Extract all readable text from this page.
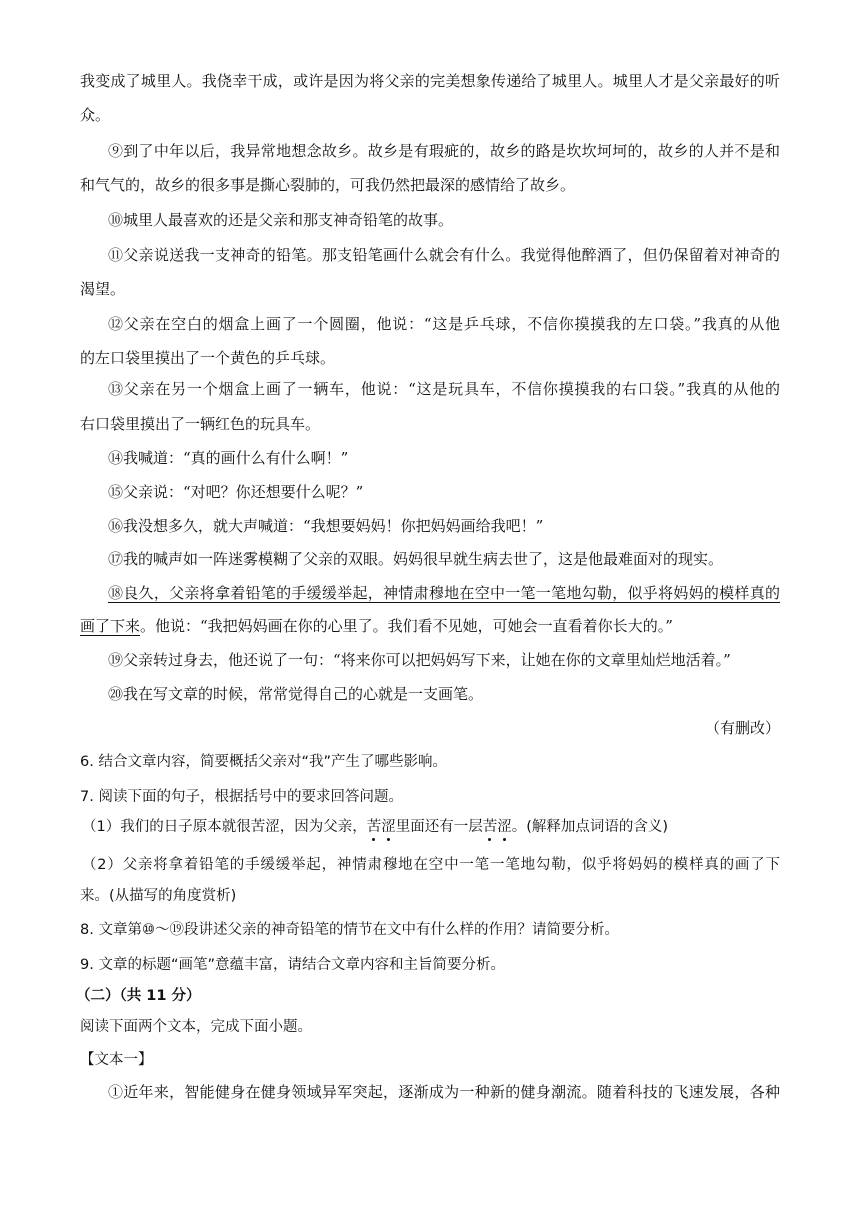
我变成了城里人。我侥幸干成，或许是因为将父亲的完美想象传递给了城里人。城里人才是父亲最好的听
众。
⑨到了中年以后，我异常地想念故乡。故乡是有瑕疵的，故乡的路是坎坎坷坷的，故乡的人并不是和
和气气的，故乡的很多事是撕心裂肺的，可我仍然把最深的感情给了故乡。
⑩城里人最喜欢的还是父亲和那支神奇铅笔的故事。
⑪父亲说送我一支神奇的铅笔。那支铅笔画什么就会有什么。我觉得他醉酒了，但仍保留着对神奇的
渴望。
⑫父亲在空白的烟盒上画了一个圆圈，他说：“这是乒乓球，不信你摸摸我的左口袋。”我真的从他
的左口袋里摸出了一个黄色的乒乓球。
⑬父亲在另一个烟盒上画了一辆车，他说：“这是玩具车，不信你摸摸我的右口袋。”我真的从他的
右口袋里摸出了一辆红色的玩具车。
⑭我喊道：“真的画什么有什么啊！”
⑮父亲说：“对吧？你还想要什么呢？”
⑯我没想多久，就大声喊道：“我想要妈妈！你把妈妈画给我吧！”
⑰我的喊声如一阵迷雾模糊了父亲的双眼。妈妈很早就生病去世了，这是他最难面对的现实。
⑱良久，父亲将拿着铅笔的手缓缓举起，神情肃穆地在空中一笔一笔地勾勒，似乎将妈妈的模样真的
画了下来。他说：“我把妈妈画在你的心里了。我们看不见她，可她会一直看着你长大的。”
⑲父亲转过身去，他还说了一句：“将来你可以把妈妈写下来，让她在你的文章里灿烂地活着。”
⑳我在写文章的时候，常常觉得自己的心就是一支画笔。
（有删改）
6. 结合文章内容，简要概括父亲对“我”产生了哪些影响。
7. 阅读下面的句子，根据括号中的要求回答问题。
（1）我们的日子原本就很苦涩，因为父亲，苦涩里面还有一层苦涩。(解释加点词语的含义)
（2）父亲将拿着铅笔的手缓缓举起，神情肃穆地在空中一笔一笔地勾勒，似乎将妈妈的模样真的画了下
来。(从描写的角度赏析)
8. 文章第⑩～⑲段讲述父亲的神奇铅笔的情节在文中有什么样的作用？请简要分析。
9. 文章的标题“画笔”意蕴丰富，请结合文章内容和主旨简要分析。
（二）（共 11 分）
阅读下面两个文本，完成下面小题。
【文本一】
①近年来，智能健身在健身领域异军突起，逐渐成为一种新的健身潮流。随着科技的飞速发展，各种
